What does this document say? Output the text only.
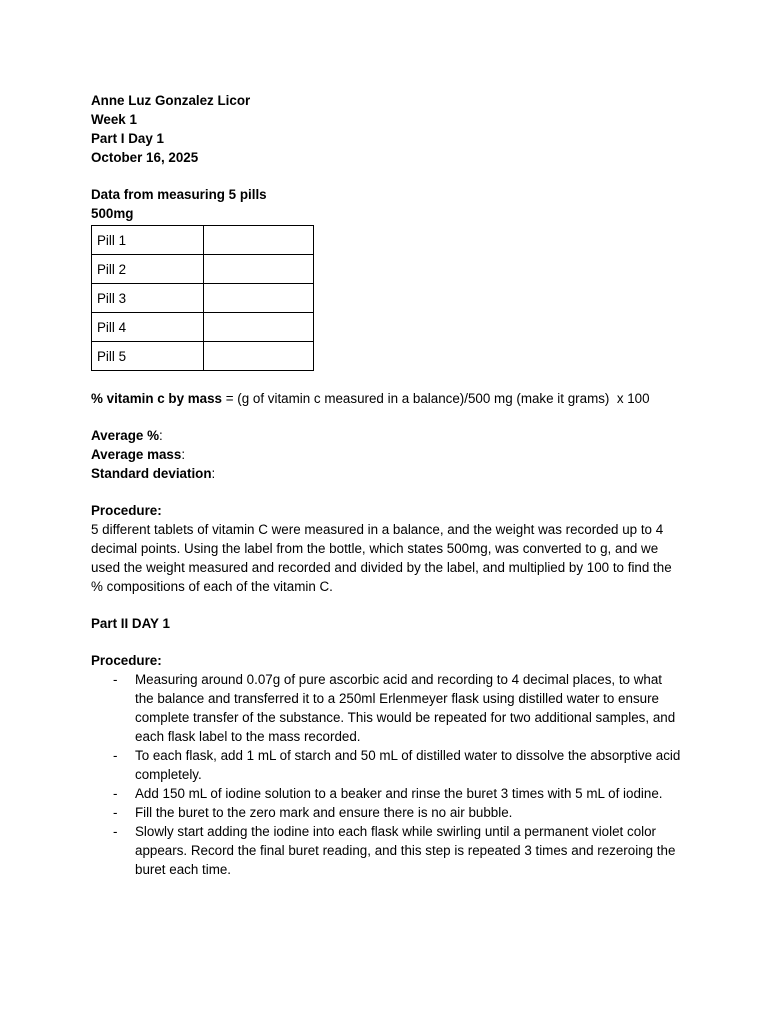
Anne Luz Gonzalez Licor
Week 1
Part I Day 1
October 16, 2025
Data from measuring 5 pills
500mg
Pill 1	
Pill 2	
Pill 3	
Pill 4	
Pill 5	

% vitamin c by mass = (g of vitamin c measured in a balance)/500 mg (make it grams)  x 100

Average %:
Average mass:
Standard deviation:
Procedure:

5 different tablets of vitamin C were measured in a balance, and the weight was recorded up to 4 decimal points. Using the label from the bottle, which states 500mg, was converted to g, and we used the weight measured and recorded and divided by the label, and multiplied by 100 to find the % compositions of each of the vitamin C.

Part II DAY 1
Procedure:
- Measuring around 0.07g of pure ascorbic acid and recording to 4 decimal places, to what the balance and transferred it to a 250ml Erlenmeyer flask using distilled water to ensure complete transfer of the substance. This would be repeated for two additional samples, and each flask label to the mass recorded.
- To each flask, add 1 mL of starch and 50 mL of distilled water to dissolve the absorptive acid completely.
- Add 150 mL of iodine solution to a beaker and rinse the buret 3 times with 5 mL of iodine.
- Fill the buret to the zero mark and ensure there is no air bubble.
- Slowly start adding the iodine into each flask while swirling until a permanent violet color appears. Record the final buret reading, and this step is repeated 3 times and rezeroing the buret each time.
